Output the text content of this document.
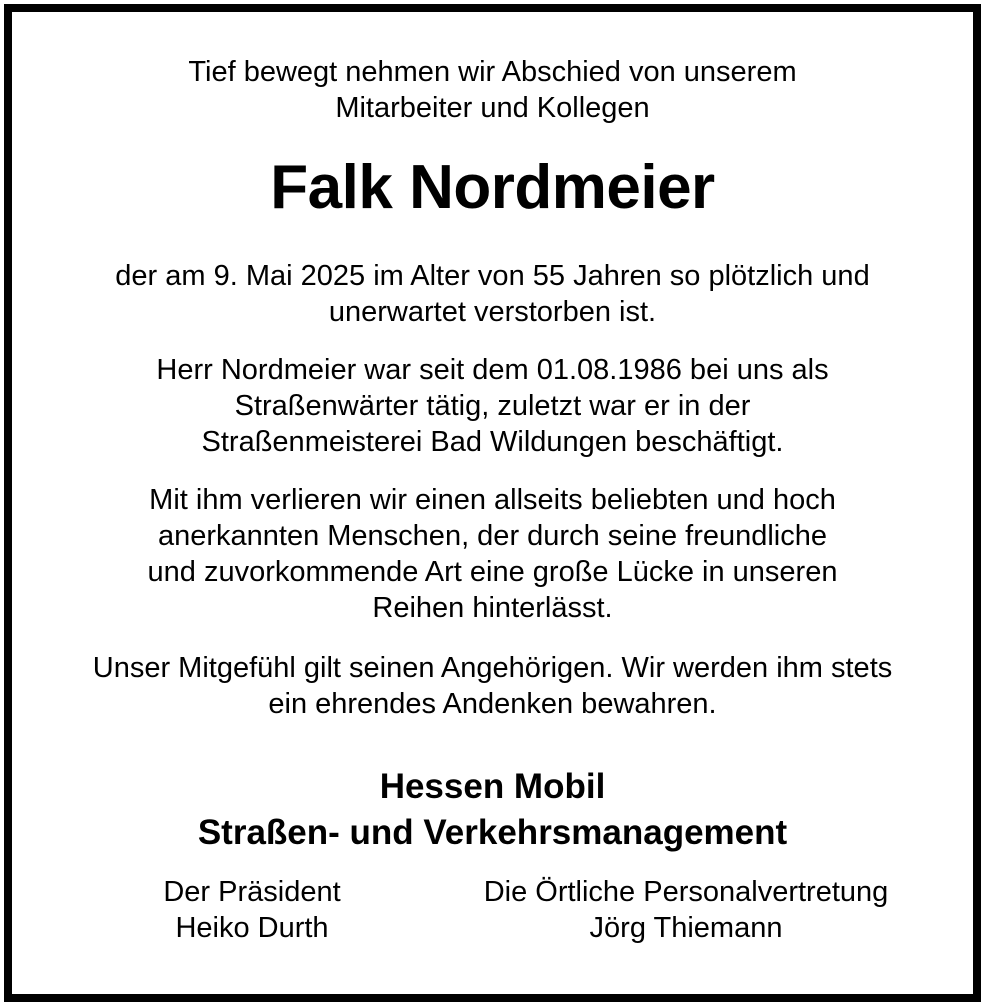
Tief bewegt nehmen wir Abschied von unserem
Mitarbeiter und Kollegen
Falk Nordmeier
der am 9. Mai 2025 im Alter von 55 Jahren so plötzlich und
unerwartet verstorben ist.
Herr Nordmeier war seit dem 01.08.1986 bei uns als
Straßenwärter tätig, zuletzt war er in der
Straßenmeisterei Bad Wildungen beschäftigt.
Mit ihm verlieren wir einen allseits beliebten und hoch
anerkannten Menschen, der durch seine freundliche
und zuvorkommende Art eine große Lücke in unseren
Reihen hinterlässt.
Unser Mitgefühl gilt seinen Angehörigen. Wir werden ihm stets
ein ehrendes Andenken bewahren.
Hessen Mobil
Straßen- und Verkehrsmanagement
Der Präsident
Heiko Durth
Die Örtliche Personalvertretung
Jörg Thiemann
